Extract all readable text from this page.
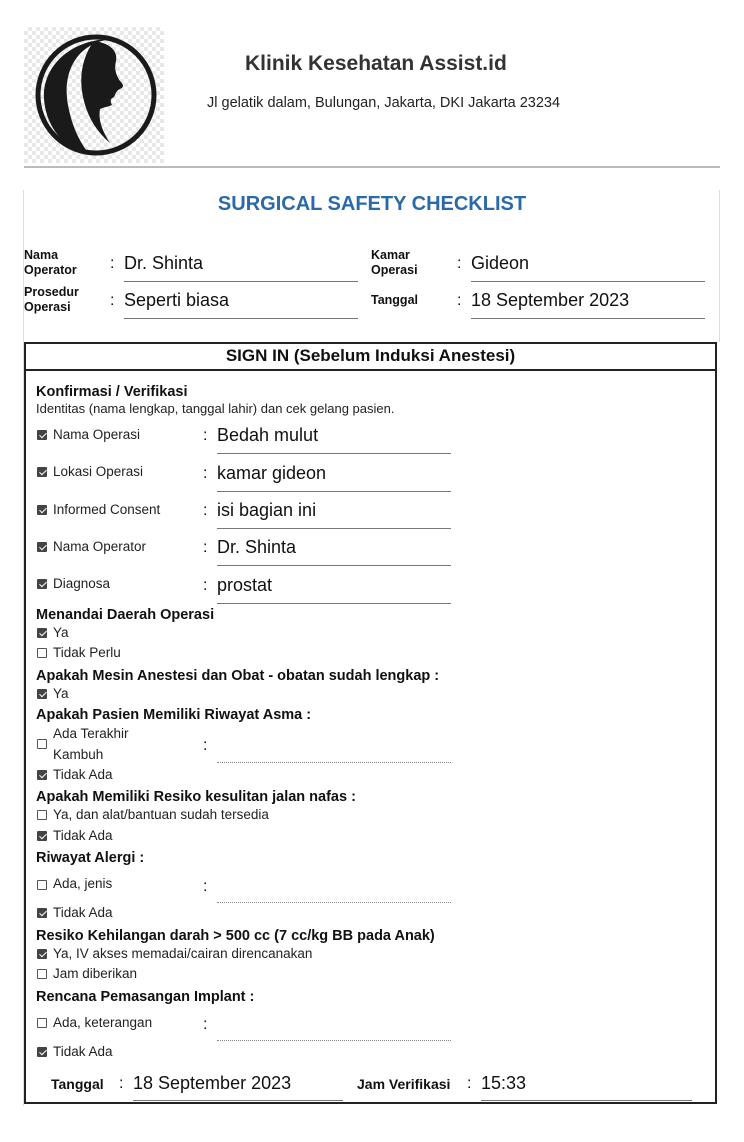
Klinik Kesehatan Assist.id
Jl gelatik dalam, Bulungan, Jakarta, DKI Jakarta 23234
SURGICAL SAFETY CHECKLIST
Nama Operator	: Dr. Shinta	Kamar Operasi	: Gideon
Prosedur Operasi	: Seperti biasa	Tanggal : 18 September 2023
SIGN IN (Sebelum Induksi Anestesi)
Konfirmasi / Verifikasi
Identitas (nama lengkap, tanggal lahir) dan cek gelang pasien.
Nama Operasi	: Bedah mulut
Lokasi Operasi	: kamar gideon
Informed Consent	: isi bagian ini
Nama Operator	: Dr. Shinta
Diagnosa	: prostat
Menandai Daerah Operasi
Ya
Tidak Perlu
Apakah Mesin Anestesi dan Obat - obatan sudah lengkap :
Ya
Apakah Pasien Memiliki Riwayat Asma :
Ada Terakhir
Kambuh
:
Tidak Ada
Apakah Memiliki Resiko kesulitan jalan nafas :
Ya, dan alat/bantuan sudah tersedia
Tidak Ada
Riwayat Alergi :
Ada, jenis	:
Tidak Ada
Resiko Kehilangan darah > 500 cc (7 cc/kg BB pada Anak)
Ya, IV akses memadai/cairan direncanakan
Jam diberikan
Rencana Pemasangan Implant :
Ada, keterangan	:
Tidak Ada
Tanggal : 18 September 2023	Jam Verifikasi : 15:33
